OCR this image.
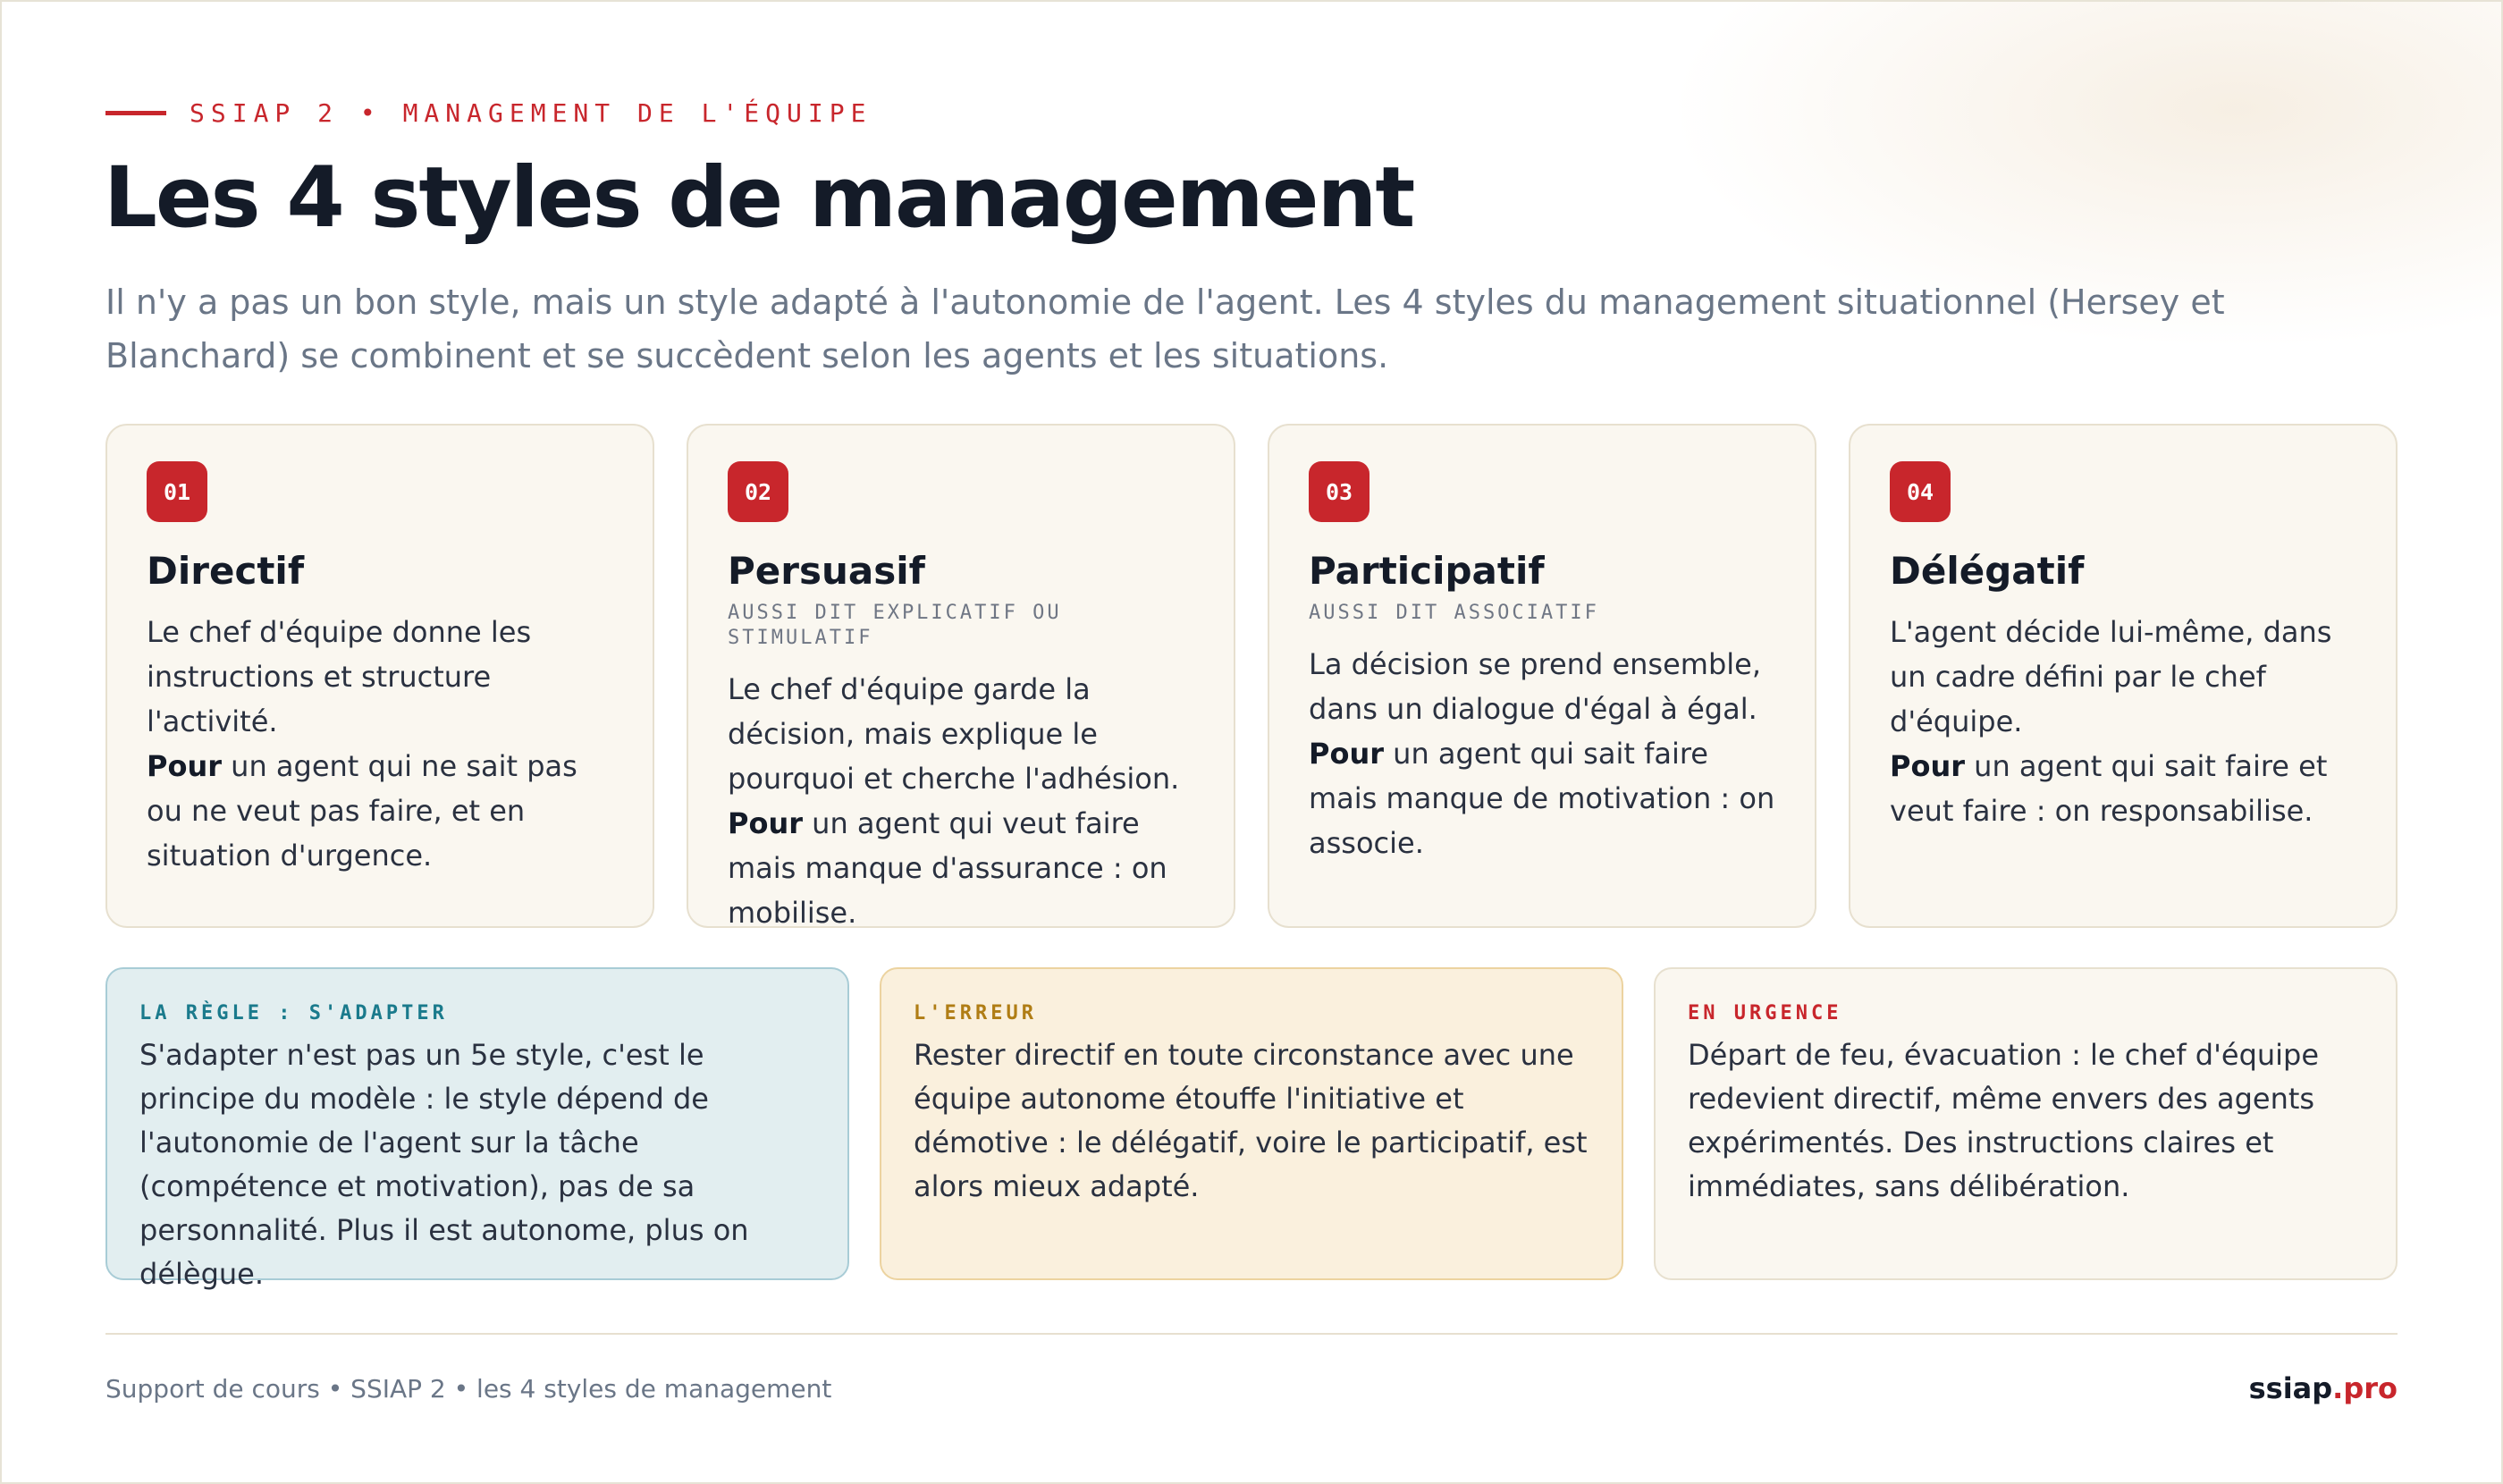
SSIAP 2 • MANAGEMENT DE L'ÉQUIPE
Les 4 styles de management

Il n'y a pas un bon style, mais un style adapté à l'autonomie de l'agent. Les 4 styles du management situationnel (Hersey et Blanchard) se combinent et se succèdent selon les agents et les situations.

01
Directif
Le chef d'équipe donne les instructions et structure l'activité.
Pour un agent qui ne sait pas ou ne veut pas faire, et en situation d'urgence.
02
Persuasif
AUSSI DIT EXPLICATIF OU STIMULATIF
Le chef d'équipe garde la décision, mais explique le pourquoi et cherche l'adhésion. Pour un agent qui veut faire mais manque d'assurance : on mobilise.
03
Participatif
AUSSI DIT ASSOCIATIF
La décision se prend ensemble, dans un dialogue d'égal à égal.
Pour un agent qui sait faire mais manque de motivation : on associe.
04
Délégatif
L'agent décide lui-même, dans un cadre défini par le chef d'équipe.
Pour un agent qui sait faire et veut faire : on responsabilise.
LA RÈGLE : S'ADAPTER
S'adapter n'est pas un 5e style, c'est le principe du modèle : le style dépend de l'autonomie de l'agent sur la tâche (compétence et motivation), pas de sa personnalité. Plus il est autonome, plus on délègue.
L'ERREUR
Rester directif en toute circonstance avec une équipe autonome étouffe l'initiative et démotive : le délégatif, voire le participatif, est alors mieux adapté.
EN URGENCE
Départ de feu, évacuation : le chef d'équipe redevient directif, même envers des agents expérimentés. Des instructions claires et immédiates, sans délibération.
Support de cours • SSIAP 2 • les 4 styles de management	ssiap.pro
